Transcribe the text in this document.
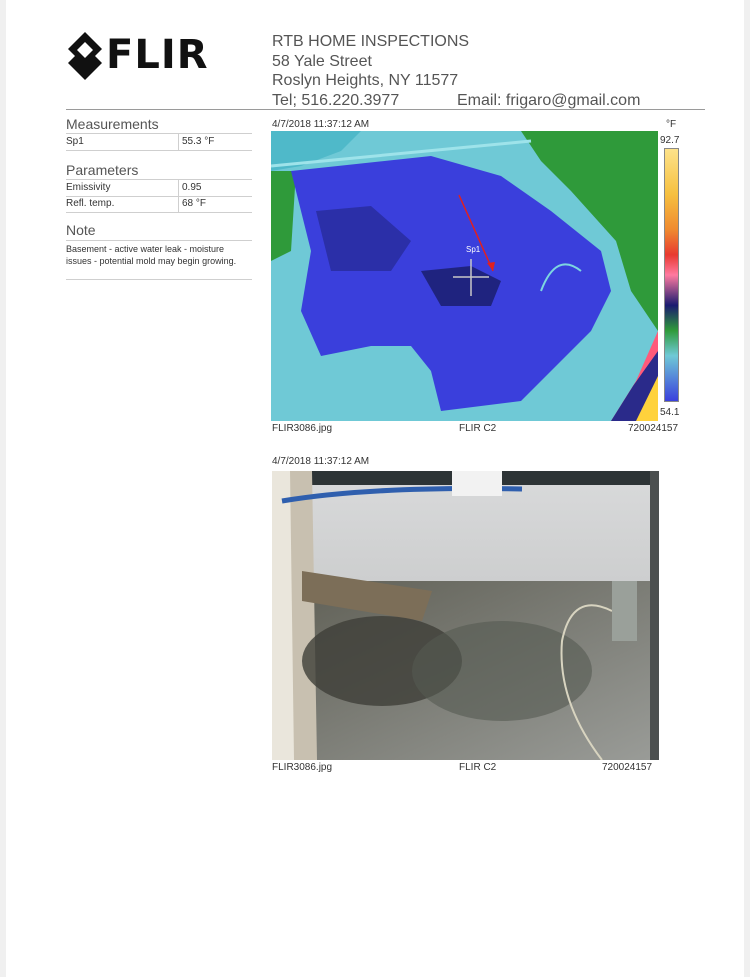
FLIR	RTB HOME INSPECTIONS
58 Yale Street
Roslyn Heights, NY 11577
Tel; 516.220.3977	Email: frigaro@gmail.com
Measurements
Sp1	55.3 °F
Parameters
Emissivity	0.95
Refl. temp.	68 °F
Note
Basement - active water leak - moisture issues - potential mold may begin growing.
4/7/2018 11:37:12 AM
Sp1
°F
92.7
54.1
FLIR3086.jpg	FLIR C2	720024157
4/7/2018 11:37:12 AM
FLIR3086.jpg	FLIR C2	720024157
